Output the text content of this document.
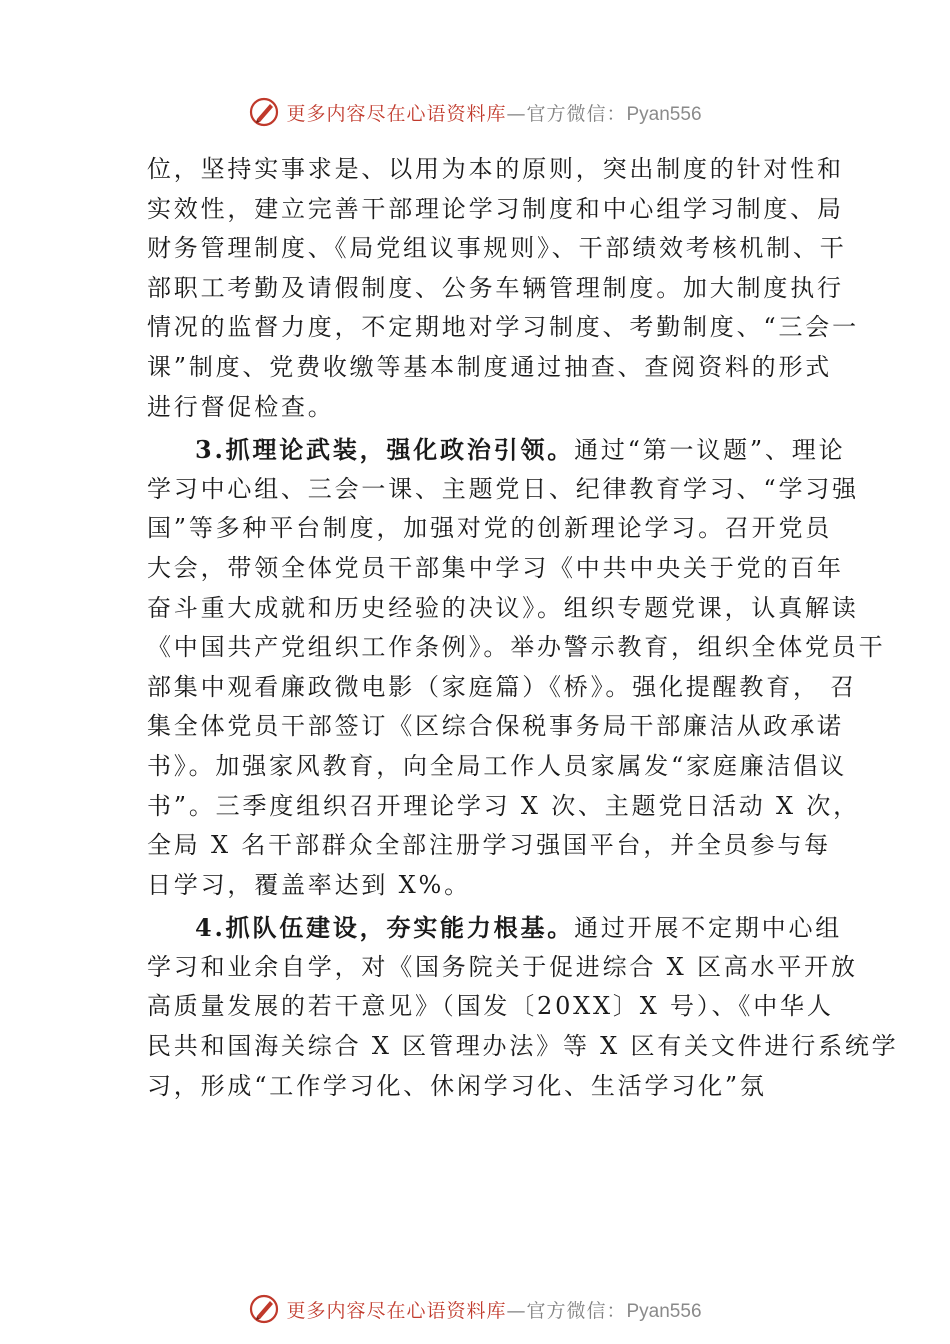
更多内容尽在心语资料库—官方微信：Pyan556
位，坚持实事求是、以用为本的原则，突出制度的针对性和
实效性，建立完善干部理论学习制度和中心组学习制度、局
财务管理制度、《局党组议事规则》、干部绩效考核机制、干
部职工考勤及请假制度、公务车辆管理制度。加大制度执行
情况的监督力度，不定期地对学习制度、考勤制度、“三会一
课”制度、党费收缴等基本制度通过抽查、查阅资料的形式
进行督促检查。
3.抓理论武装，强化政治引领。通过“第一议题”、理论
学习中心组、三会一课、主题党日、纪律教育学习、“学习强
国”等多种平台制度，加强对党的创新理论学习。召开党员
大会，带领全体党员干部集中学习《中共中央关于党的百年
奋斗重大成就和历史经验的决议》。组织专题党课，认真解读
《中国共产党组织工作条例》。举办警示教育，组织全体党员干
部集中观看廉政微电影（家庭篇）《桥》。强化提醒教育， 召
集全体党员干部签订《区综合保税事务局干部廉洁从政承诺
书》。加强家风教育，向全局工作人员家属发“家庭廉洁倡议
书”。三季度组织召开理论学习 X 次、主题党日活动 X 次，
全局 X 名干部群众全部注册学习强国平台，并全员参与每
日学习，覆盖率达到 X%。
4.抓队伍建设，夯实能力根基。通过开展不定期中心组
学习和业余自学，对《国务院关于促进综合 X 区高水平开放
高质量发展的若干意见》（国发〔20XX〕X 号）、《中华人
民共和国海关综合 X 区管理办法》等 X 区有关文件进行系统学
习，形成“工作学习化、休闲学习化、生活学习化”氛
更多内容尽在心语资料库—官方微信：Pyan556
